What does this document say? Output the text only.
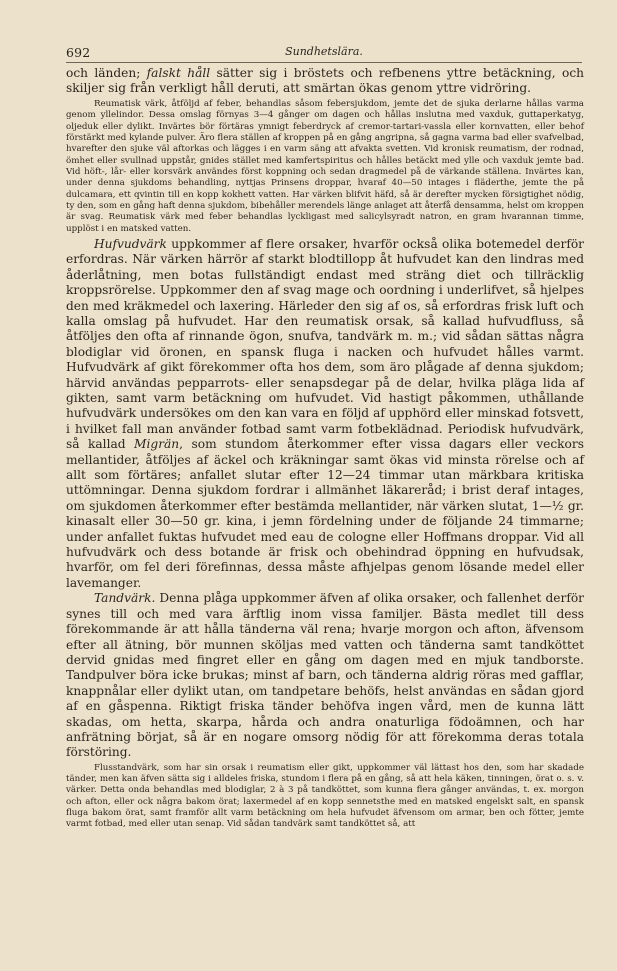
692	Sundhetslära.

och länden; falskt håll sätter sig i bröstets och refbenens yttre betäckning, och skiljer sig från verkligt håll deruti, att smärtan ökas genom yttre vidröring.

Reumatisk värk, åtföljd af feber, behandlas såsom febersjukdom, jemte det de sjuka derlarne hållas varma genom yllelindor. Dessa omslag förnyas 3—4 gånger om dagen och hållas inslutna med vaxduk, guttaperkatyg, oljeduk eller dylikt. Invärtes bör förtäras ymnigt feberdryck af cremor-tartari-vassla eller kornvatten, eller behof förstärkt med kylande pulver. Äro flera ställen af kroppen på en gång angripna, så gagna varma bad eller svafvelbad, hvarefter den sjuke väl aftorkas och lägges i en varm säng att afvakta svetten. Vid kronisk reumatism, der rodnad, ömhet eller svullnad uppstår, gnides stället med kamfertspiritus och hålles betäckt med ylle och vaxduk jemte bad. Vid höft-, lår- eller korsvärk användes först koppning och sedan dragmedel på de värkande ställena. Invärtes kan, under denna sjukdoms behandling, nyttjas Prinsens droppar, hvaraf 40—50 intages i fläderthe, jemte the på dulcamara, ett qvintin till en kopp kokhett vatten. Har värken blifvit häfd, så är derefter mycken försigtighet nödig, ty den, som en gång haft denna sjukdom, bibehåller merendels länge anlaget att återfå densamma, helst om kroppen är svag. Reumatisk värk med feber behandlas lyckligast med salicylsyradt natron, en gram hvarannan timme, upplöst i en matsked vatten.

Hufvudvärk uppkommer af flere orsaker, hvarför också olika botemedel derför erfordras. När värken härrör af starkt blodtillopp åt hufvudet kan den lindras med åderlåtning, men botas fullständigt endast med sträng diet och tillräcklig kroppsrörelse. Uppkommer den af svag mage och oordning i underlifvet, så hjelpes den med kräkmedel och laxering. Härleder den sig af os, så erfordras frisk luft och kalla omslag på hufvudet. Har den reumatisk orsak, så kallad hufvudfluss, så åtföljes den ofta af rinnande ögon, snufva, tandvärk m. m.; vid sådan sättas några blodiglar vid öronen, en spansk fluga i nacken och hufvudet hålles varmt. Hufvudvärk af gikt förekommer ofta hos dem, som äro plågade af denna sjukdom; härvid användas pepparrots- eller senapsdegar på de delar, hvilka pläga lida af gikten, samt varm betäckning om hufvudet. Vid hastigt påkommen, uthållande hufvudvärk undersökes om den kan vara en följd af upphörd eller minskad fotsvett, i hvilket fall man använder fotbad samt varm fotbeklädnad. Periodisk hufvudvärk, så kallad Migrän, som stundom återkommer efter vissa dagars eller veckors mellantider, åtföljes af äckel och kräkningar samt ökas vid minsta rörelse och af allt som förtäres; anfallet slutar efter 12—24 timmar utan märkbara kritiska uttömningar. Denna sjukdom fordrar i allmänhet läkareråd; i brist deraf intages, om sjukdomen återkommer efter bestämda mellantider, när värken slutat, 1—½ gr. kinasalt eller 30—50 gr. kina, i jemn fördelning under de följande 24 timmarne; under anfallet fuktas hufvudet med eau de cologne eller Hoffmans droppar. Vid all hufvudvärk och dess botande är frisk och obehindrad öppning en hufvudsak, hvarför, om fel deri förefinnas, dessa måste afhjelpas genom lösande medel eller lavemanger.

Tandvärk. Denna plåga uppkommer äfven af olika orsaker, och fallenhet derför synes till och med vara ärftlig inom vissa familjer. Bästa medlet till dess förekommande är att hålla tänderna väl rena; hvarje morgon och afton, äfvensom efter all ätning, bör munnen sköljas med vatten och tänderna samt tandköttet dervid gnidas med fingret eller en gång om dagen med en mjuk tandborste. Tandpulver böra icke brukas; minst af barn, och tänderna aldrig röras med gafflar, knappnålar eller dylikt utan, om tandpetare behöfs, helst användas en sådan gjord af en gåspenna. Riktigt friska tänder behöfva ingen vård, men de kunna lätt skadas, om hetta, skarpa, hårda och andra onaturliga födoämnen, och har anfrätning börjat, så är en nogare omsorg nödig för att förekomma deras totala förstöring.

Flusstandvärk, som har sin orsak i reumatism eller gikt, uppkommer väl lättast hos den, som har skadade tänder, men kan äfven sätta sig i alldeles friska, stundom i flera på en gång, så att hela käken, tinningen, örat o. s. v. värker. Detta onda behandlas med blodiglar, 2 à 3 på tandköttet, som kunna flera gånger användas, t. ex. morgon och afton, eller ock några bakom örat; laxermedel af en kopp sennetsthe med en matsked engelskt salt, en spansk fluga bakom örat, samt framför allt varm betäckning om hela hufvudet äfvensom om armar, ben och fötter, jemte varmt fotbad, med eller utan senap. Vid sådan tandvärk samt tandköttet så, att
